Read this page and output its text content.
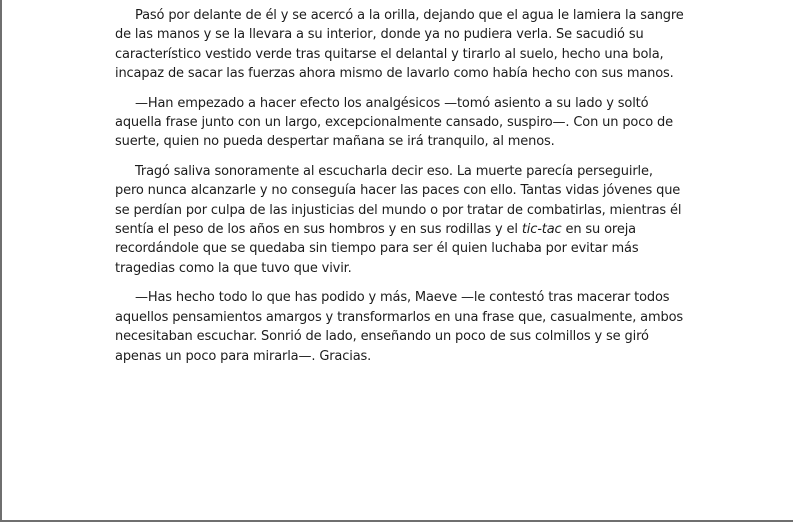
Pasó por delante de él y se acercó a la orilla, dejando que el agua le lamiera la sangre de las manos y se la llevara a su interior, donde ya no pudiera verla. Se sacudió su característico vestido verde tras quitarse el delantal y tirarlo al suelo, hecho una bola, incapaz de sacar las fuerzas ahora mismo de lavarlo como había hecho con sus manos.

—Han empezado a hacer efecto los analgésicos —tomó asiento a su lado y soltó aquella frase junto con un largo, excepcionalmente cansado, suspiro—. Con un poco de suerte, quien no pueda despertar mañana se irá tranquilo, al menos.

Tragó saliva sonoramente al escucharla decir eso. La muerte parecía perseguirle, pero nunca alcanzarle y no conseguía hacer las paces con ello. Tantas vidas jóvenes que se perdían por culpa de las injusticias del mundo o por tratar de combatirlas, mientras él sentía el peso de los años en sus hombros y en sus rodillas y el tic-tac en su oreja recordándole que se quedaba sin tiempo para ser él quien luchaba por evitar más tragedias como la que tuvo que vivir.

—Has hecho todo lo que has podido y más, Maeve —le contestó tras macerar todos aquellos pensamientos amargos y transformarlos en una frase que, casualmente, ambos necesitaban escuchar. Sonrió de lado, enseñando un poco de sus colmillos y se giró apenas un poco para mirarla—. Gracias.
